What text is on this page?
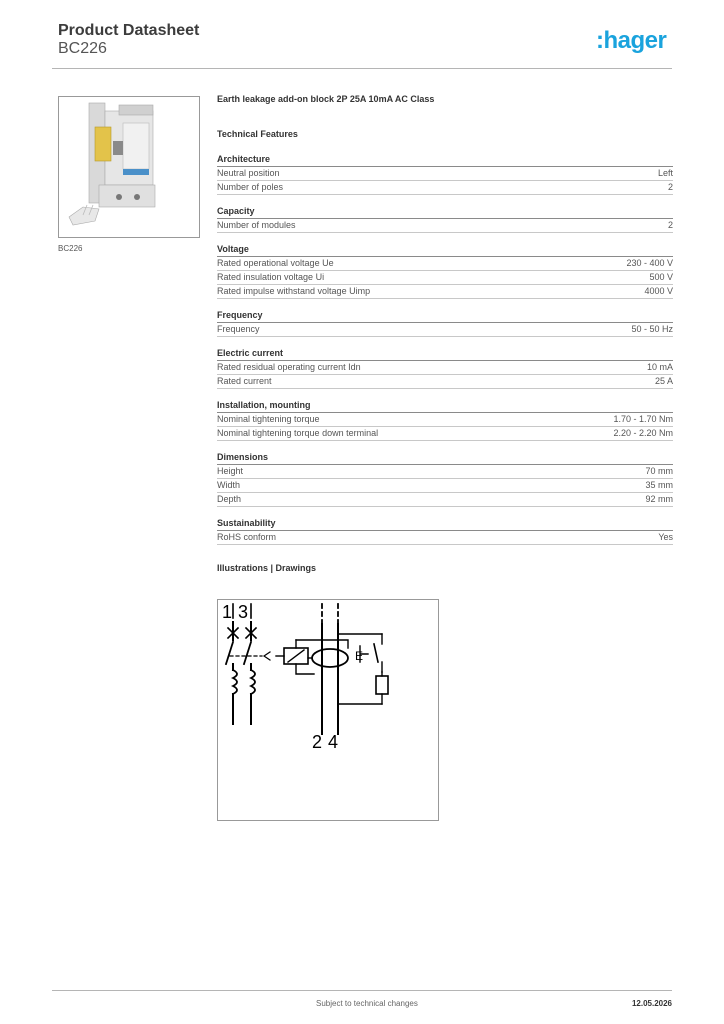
Product Datasheet
BC226	:hager
BC226
Earth leakage add-on block 2P 25A 10mA AC Class
Technical Features
Architecture
Neutral position	Left
Number of poles	2
Capacity
Number of modules	2
Voltage
Rated operational voltage Ue	230 - 400 V
Rated insulation voltage Ui	500 V
Rated impulse withstand voltage Uimp	4000 V
Frequency
Frequency	50 - 50 Hz
Electric current
Rated residual operating current Idn	10 mA
Rated current	25 A
Installation, mounting
Nominal tightening torque	1.70 - 1.70 Nm
Nominal tightening torque down terminal	2.20 - 2.20 Nm
Dimensions
Height	70 mm
Width	35 mm
Depth	92 mm
Sustainability
RoHS conform	Yes
Illustrations | Drawings
1 3
E
2 4
Subject to technical changes	12.05.2026
